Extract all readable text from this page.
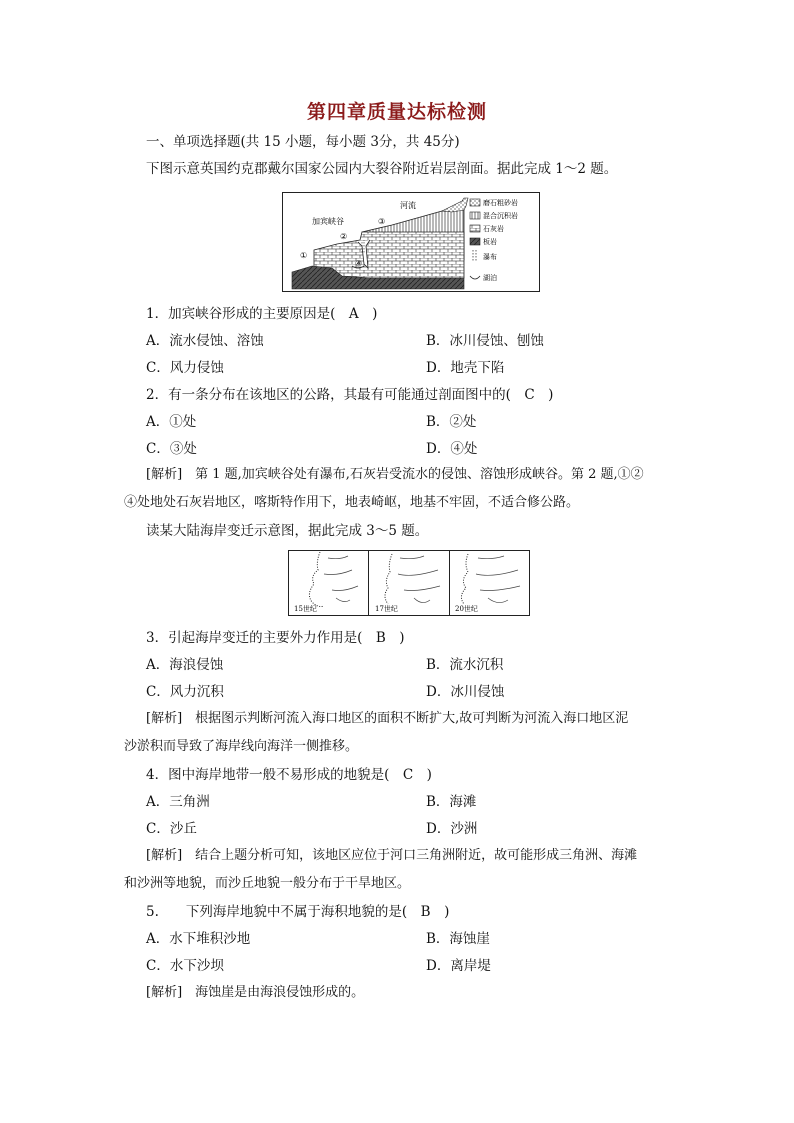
第四章质量达标检测
一、单项选择题(共 15 小题，每小题 3分，共 45分)
下图示意英国约克郡戴尔国家公园内大裂谷附近岩层剖面。据此完成 1～2 题。
河流
加宾峡谷
①
②
③
④
磨石粗砂岩
混合沉积岩
石灰岩
板岩
瀑布
湖泊
1．加宾峡谷形成的主要原因是(　A　)
A．流水侵蚀、溶蚀	B．冰川侵蚀、刨蚀
C．风力侵蚀	D．地壳下陷
2．有一条分布在该地区的公路，其最有可能通过剖面图中的(　C　)
A．①处	B．②处
C．③处	D．④处
[解析]　第 1 题,加宾峡谷处有瀑布,石灰岩受流水的侵蚀、溶蚀形成峡谷。第 2 题,①②
④处地处石灰岩地区，喀斯特作用下，地表崎岖，地基不牢固，不适合修公路。
读某大陆海岸变迁示意图，据此完成 3～5 题。
15世纪	17世纪	20世纪
3．引起海岸变迁的主要外力作用是(　B　)
A．海浪侵蚀	B．流水沉积
C．风力沉积	D．冰川侵蚀
[解析]　根据图示判断河流入海口地区的面积不断扩大,故可判断为河流入海口地区泥
沙淤积而导致了海岸线向海洋一侧推移。
4．图中海岸地带一般不易形成的地貌是(　C　)
A．三角洲	B．海滩
C．沙丘	D．沙洲
[解析]　结合上题分析可知，该地区应位于河口三角洲附近，故可能形成三角洲、海滩
和沙洲等地貌，而沙丘地貌一般分布于干旱地区。
5.　　下列海岸地貌中不属于海积地貌的是(　B　)
A．水下堆积沙地	B．海蚀崖
C．水下沙坝	D．离岸堤
[解析]　海蚀崖是由海浪侵蚀形成的。
